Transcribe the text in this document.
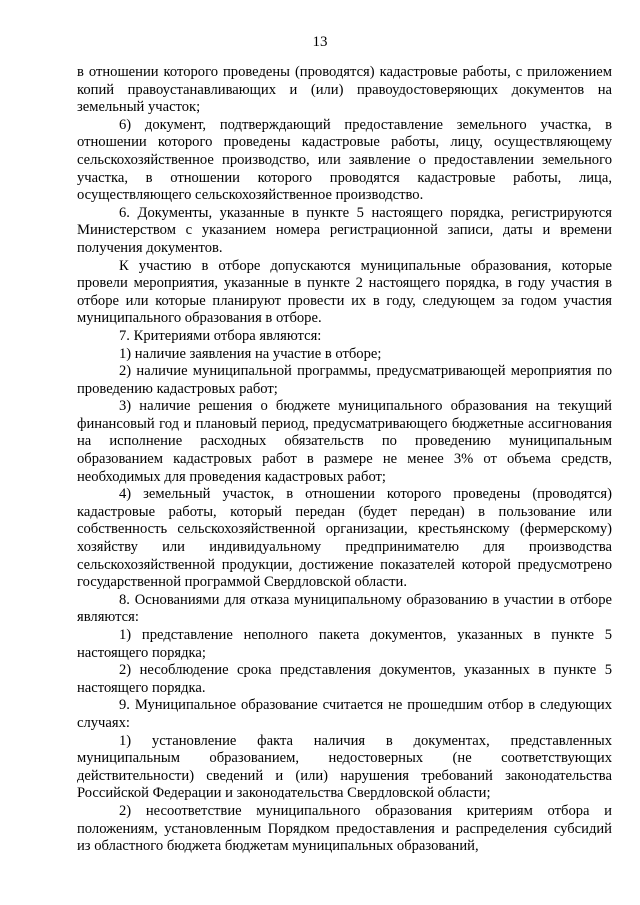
13

в отношении которого проведены (проводятся) кадастровые работы, с приложением копий правоустанавливающих и (или) правоудостоверяющих документов на земельный участок;

6) документ, подтверждающий предоставление земельного участка, в отношении которого проведены кадастровые работы, лицу, осуществляющему сельскохозяйственное производство, или заявление о предоставлении земельного участка, в отношении которого проводятся кадастровые работы, лица, осуществляющего сельскохозяйственное производство.

6. Документы, указанные в пункте 5 настоящего порядка, регистрируются Министерством с указанием номера регистрационной записи, даты и времени получения документов.

К участию в отборе допускаются муниципальные образования, которые провели мероприятия, указанные в пункте 2 настоящего порядка, в году участия в отборе или которые планируют провести их в году, следующем за годом участия муниципального образования в отборе.

7. Критериями отбора являются:

1) наличие заявления на участие в отборе;

2) наличие муниципальной программы, предусматривающей мероприятия по проведению кадастровых работ;

3) наличие решения о бюджете муниципального образования на текущий финансовый год и плановый период, предусматривающего бюджетные ассигнования на исполнение расходных обязательств по проведению муниципальным образованием кадастровых работ в размере не менее 3% от объема средств, необходимых для проведения кадастровых работ;

4) земельный участок, в отношении которого проведены (проводятся) кадастровые работы, который передан (будет передан) в пользование или собственность сельскохозяйственной организации, крестьянскому (фермерскому) хозяйству или индивидуальному предпринимателю для производства сельскохозяйственной продукции, достижение показателей которой предусмотрено государственной программой Свердловской области.

8. Основаниями для отказа муниципальному образованию в участии в отборе являются:

1) представление неполного пакета документов, указанных в пункте 5 настоящего порядка;

2) несоблюдение срока представления документов, указанных в пункте 5 настоящего порядка.

9. Муниципальное образование считается не прошедшим отбор в следующих случаях:

1) установление факта наличия в документах, представленных муниципальным образованием, недостоверных (не соответствующих действительности) сведений и (или) нарушения требований законодательства Российской Федерации и законодательства Свердловской области;

2) несоответствие муниципального образования критериям отбора и положениям, установленным Порядком предоставления и распределения субсидий из областного бюджета бюджетам муниципальных образований,
